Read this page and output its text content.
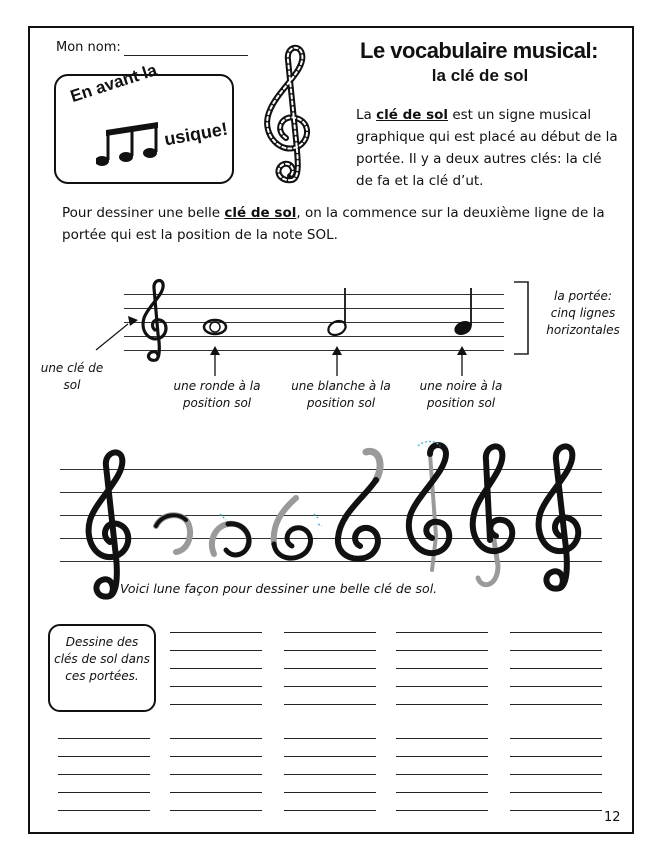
Mon nom:	Le vocabulaire musical:
la clé de sol
En avant la
usique!
La clé de sol est un signe musical graphique qui est placé au début de la portée. Il y a deux autres clés: la clé de fa et la clé d’ut.
Pour dessiner une belle clé de sol, on la commence sur la deuxième ligne de la portée qui est la position de la note SOL.
la portée: cinq lignes horizontales
une clé de sol	une ronde à la position sol
une blanche à la position sol
une noire à la position sol
Voici lune façon pour dessiner une belle clé de sol.
Dessine des clés de sol dans ces portées.
12
